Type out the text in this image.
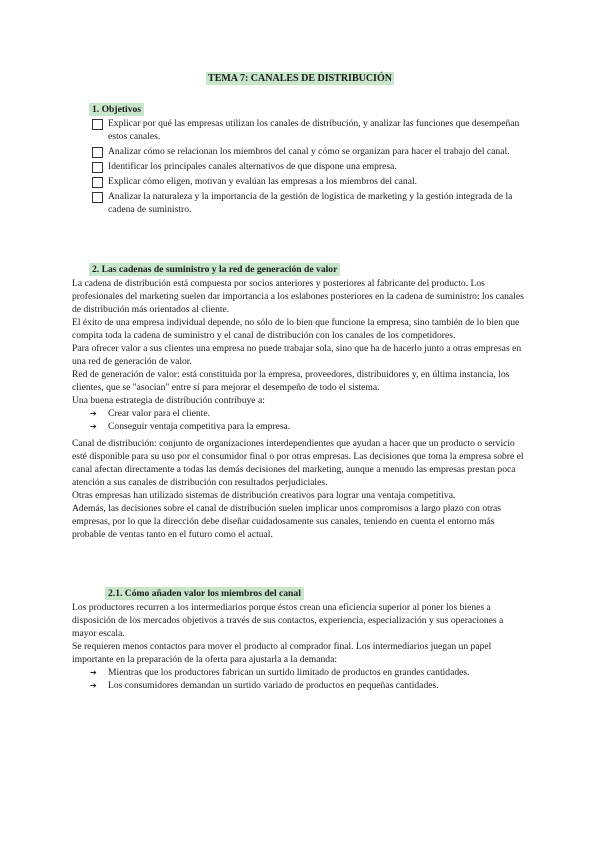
TEMA 7: CANALES DE DISTRIBUCIÓN
1. Objetivos
Explicar por qué las empresas utilizan los canales de distribución, y analizar las funciones que desempeñan estos canales.
Analizar cómo se relacionan los miembros del canal y cómo se organizan para hacer el trabajo del canal.
Identificar los principales canales alternativos de que dispone una empresa.
Explicar cómo eligen, motivan y evalúan las empresas a los miembros del canal.
Analizar la naturaleza y la importancia de la gestión de logística de marketing y la gestión integrada de la cadena de suministro.
2. Las cadenas de suministro y la red de generación de valor

La cadena de distribución está compuesta por socios anteriores y posteriores al fabricante del producto. Los profesionales del marketing suelen dar importancia a los eslabones posteriores en la cadena de suministro: los canales de distribución más orientados al cliente.

El éxito de una empresa individual depende, no sólo de lo bien que funcione la empresa, sino también de lo bien que compita toda la cadena de suministro y el canal de distribución con los canales de los competidores.

Para ofrecer valor a sus clientes una empresa no puede trabajar sola, sino que ha de hacerlo junto a otras empresas en una red de generación de valor.

Red de generación de valor: está constituida por la empresa, proveedores, distribuidores y, en última instancia, los clientes, que se "asocian" entre sí para mejorar el desempeño de todo el sistema.

Una buena estrategia de distribución contribuye a:

➔ Crear valor para el cliente.
➔ Conseguir ventaja competitiva para la empresa.

Canal de distribución: conjunto de organizaciones interdependientes que ayudan a hacer que un producto o servicio esté disponible para su uso por el consumidor final o por otras empresas. Las decisiones que toma la empresa sobre el canal afectan directamente a todas las demás decisiones del marketing, aunque a menudo las empresas prestan poca atención a sus canales de distribución con resultados perjudiciales.

Otras empresas han utilizado sistemas de distribución creativos para lograr una ventaja competitiva.

Además, las decisiones sobre el canal de distribución suelen implicar unos compromisos a largo plazo con otras empresas, por lo que la dirección debe diseñar cuidadosamente sus canales, teniendo en cuenta el entorno más probable de ventas tanto en el futuro como el actual.

2.1. Cómo añaden valor los miembros del canal

Los productores recurren a los intermediarios porque éstos crean una eficiencia superior al poner los bienes a disposición de los mercados objetivos a través de sus contactos, experiencia, especialización y sus operaciones a mayor escala.

Se requieren menos contactos para mover el producto al comprador final. Los intermediarios juegan un papel importante en la preparación de la oferta para ajustarla a la demanda:

➔ Mientras que los productores fabrican un surtido limitado de productos en grandes cantidades.
➔ Los consumidores demandan un surtido variado de productos en pequeñas cantidades.
